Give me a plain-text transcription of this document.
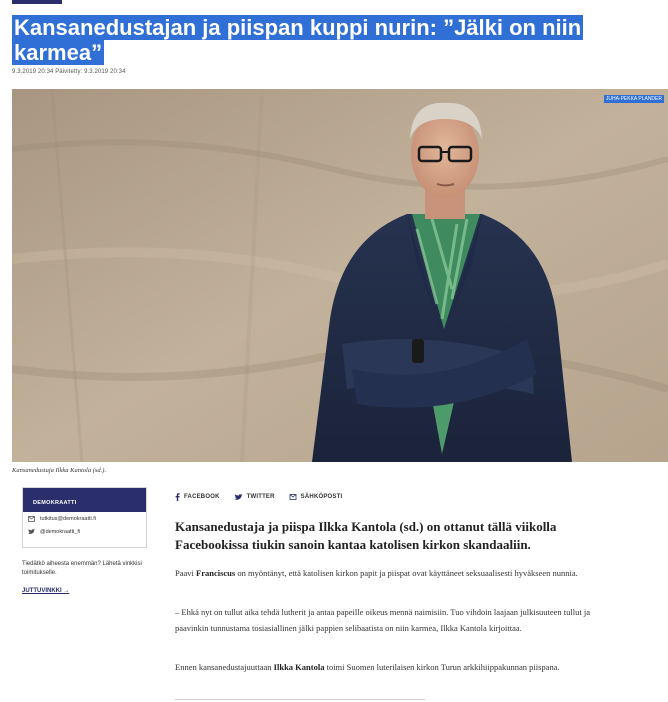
Kansanedustajan ja piispan kuppi nurin: ”Jälki on niin karmea”
9.3.2019 20:34 Päivitetty: 9.3.2019 20:34
JUHA-PEKKA PLANDER
Kansanedustaja Ilkka Kantola (sd.).
DEMOKRAATTI
tutkitus@demokraatti.fi
@demokraatti_fi
Tiedätkö aiheesta enemmän? Lähetä vinkkisi toimitukselle.
JUTTUVINKKI →
FACEBOOK	TWITTER	SÄHKÖPOSTI

Kansanedustaja ja piispa Ilkka Kantola (sd.) on ottanut tällä viikolla Facebookissa tiukin sanoin kantaa katolisen kirkon skandaaliin.

Paavi Franciscus on myöntänyt, että katolisen kirkon papit ja piispat ovat käyttäneet seksuaalisesti hyväkseen nunnia.

– Ehkä nyt on tullut aika tehdä lutherit ja antaa papeille oikeus mennä naimisiin. Tuo vihdoin laajaan julkisuuteen tullut ja paavinkin tunnustama tosiasiallinen jälki pappien selibaatista on niin karmea, Ilkka Kantola kirjoittaa.

Ennen kansanedustajuuttaan Ilkka Kantola toimi Suomen luterilaisen kirkon Turun arkkihiippakunnan piispana.
